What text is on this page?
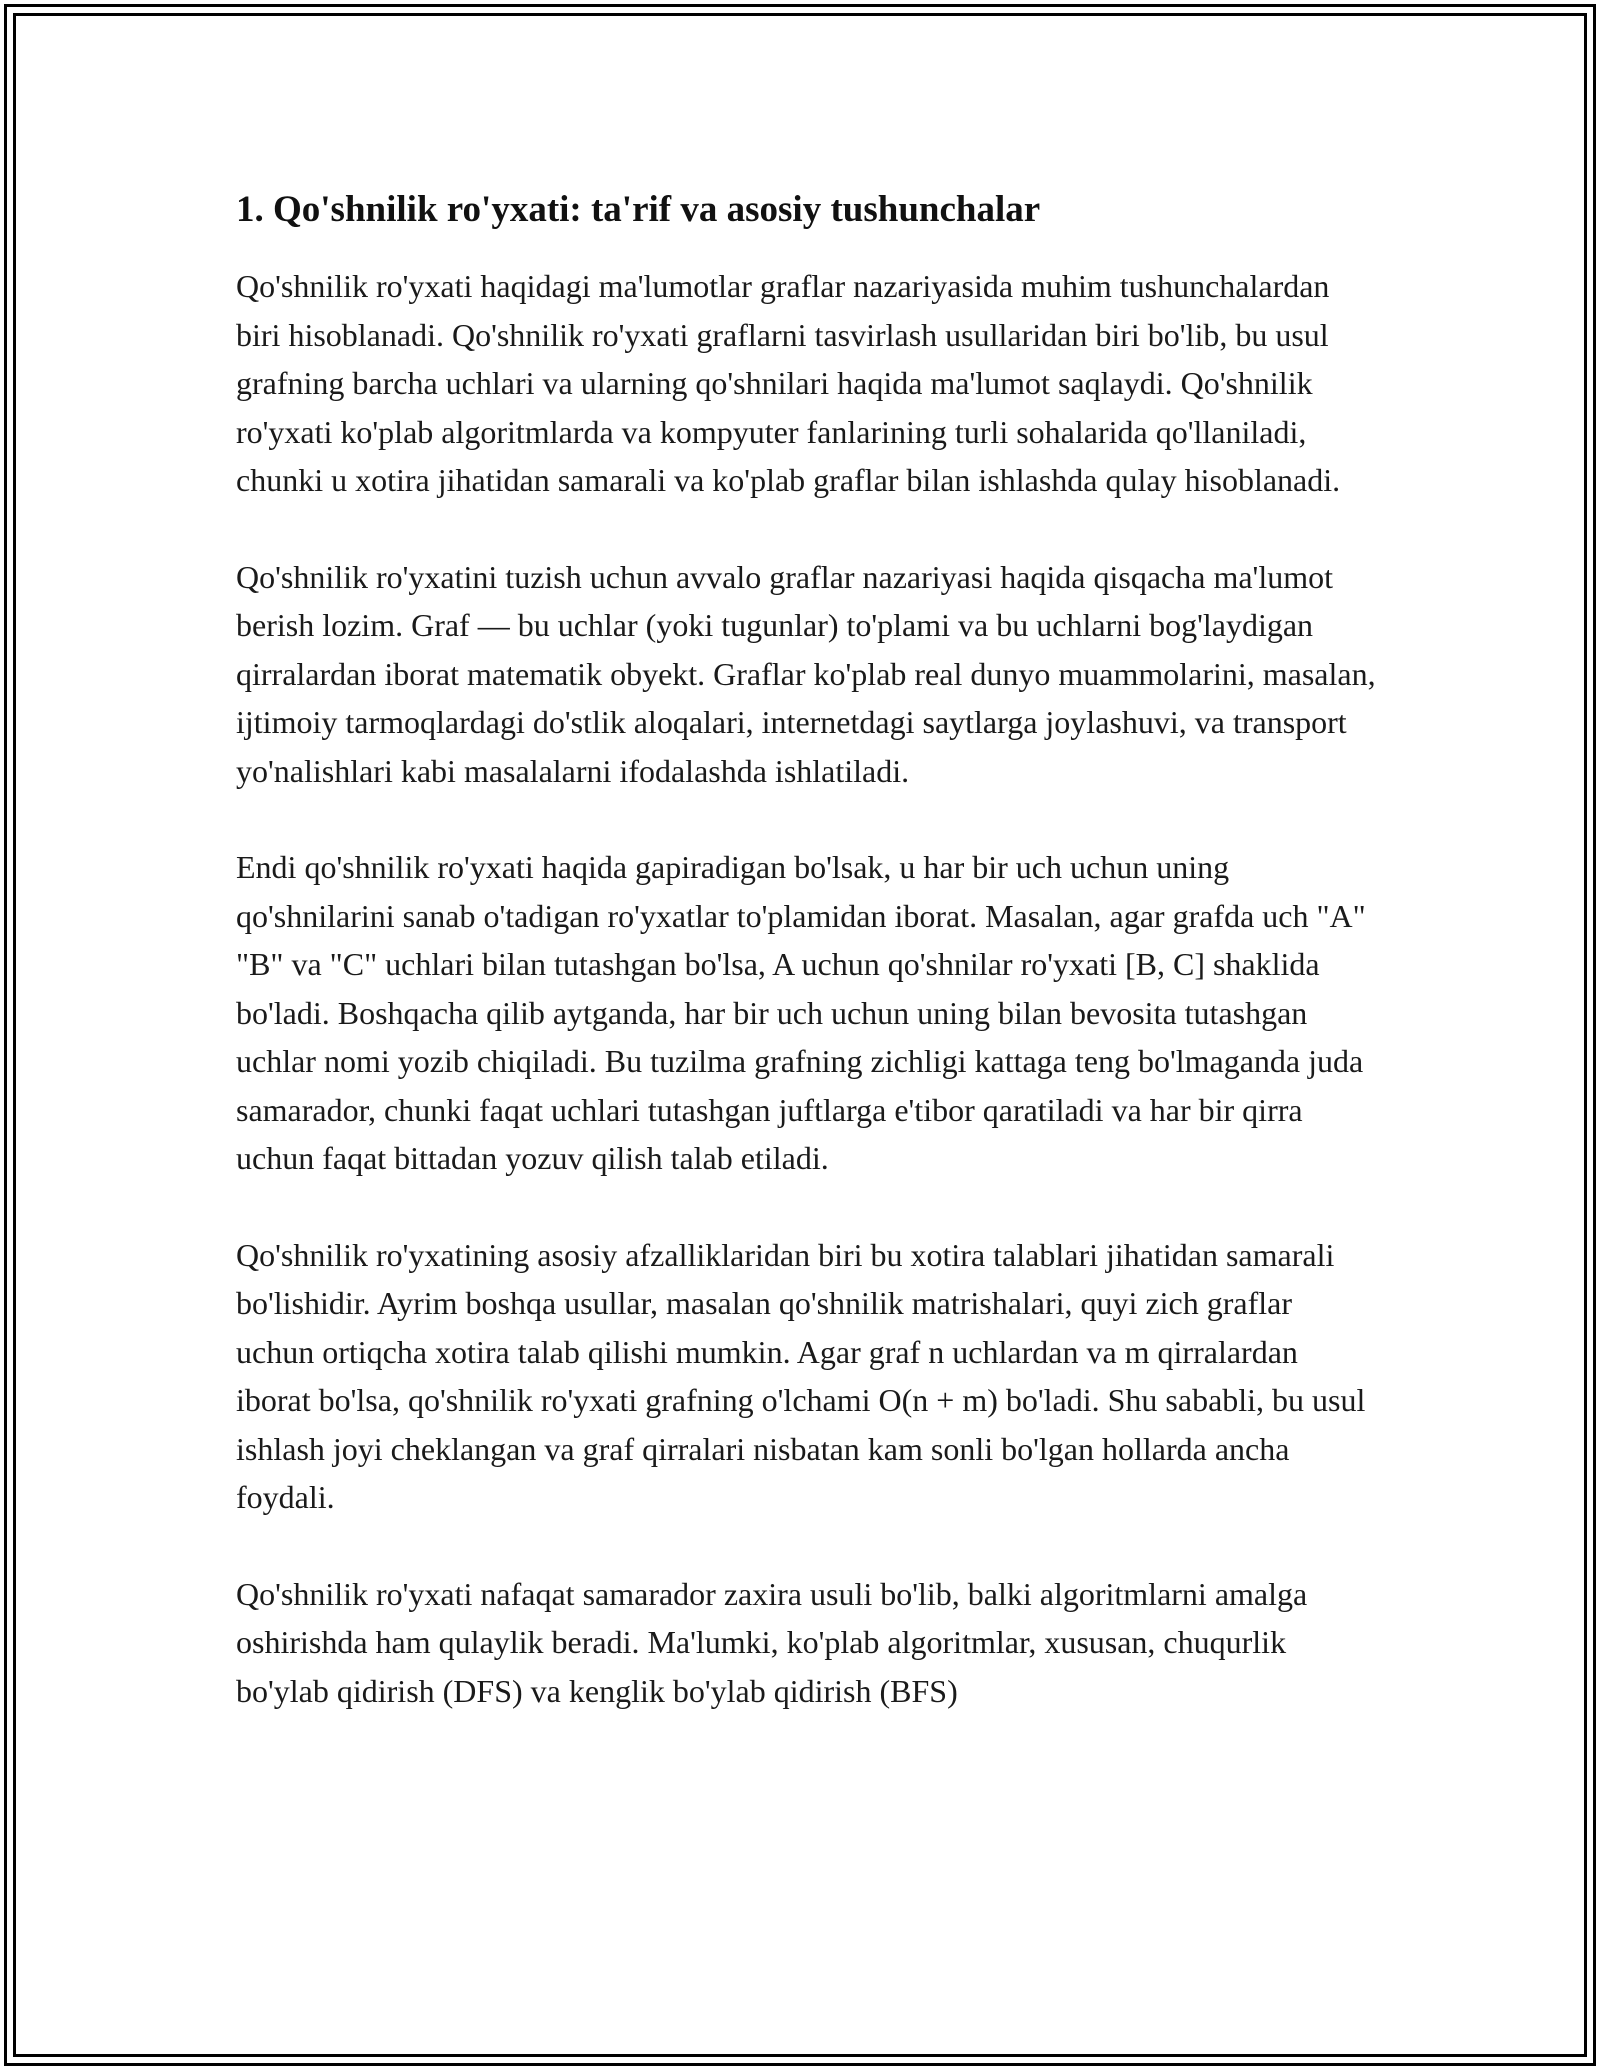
1. Qo'shnilik ro'yxati: ta'rif va asosiy tushunchalar

Qo'shnilik ro'yxati haqidagi ma'lumotlar graflar nazariyasida muhim tushunchalardan biri hisoblanadi. Qo'shnilik ro'yxati graflarni tasvirlash usullaridan biri bo'lib, bu usul grafning barcha uchlari va ularning qo'shnilari haqida ma'lumot saqlaydi. Qo'shnilik ro'yxati ko'plab algoritmlarda va kompyuter fanlarining turli sohalarida qo'llaniladi, chunki u xotira jihatidan samarali va ko'plab graflar bilan ishlashda qulay hisoblanadi.

Qo'shnilik ro'yxatini tuzish uchun avvalo graflar nazariyasi haqida qisqacha ma'lumot berish lozim. Graf — bu uchlar (yoki tugunlar) to'plami va bu uchlarni bog'laydigan qirralardan iborat matematik obyekt. Graflar ko'plab real dunyo muammolarini, masalan, ijtimoiy tarmoqlardagi do'stlik aloqalari, internetdagi saytlarga joylashuvi, va transport yo'nalishlari kabi masalalarni ifodalashda ishlatiladi.

Endi qo'shnilik ro'yxati haqida gapiradigan bo'lsak, u har bir uch uchun uning qo'shnilarini sanab o'tadigan ro'yxatlar to'plamidan iborat. Masalan, agar grafda uch "A" "B" va "C" uchlari bilan tutashgan bo'lsa, A uchun qo'shnilar ro'yxati [B, C] shaklida bo'ladi. Boshqacha qilib aytganda, har bir uch uchun uning bilan bevosita tutashgan uchlar nomi yozib chiqiladi. Bu tuzilma grafning zichligi kattaga teng bo'lmaganda juda samarador, chunki faqat uchlari tutashgan juftlarga e'tibor qaratiladi va har bir qirra uchun faqat bittadan yozuv qilish talab etiladi.

Qo'shnilik ro'yxatining asosiy afzalliklaridan biri bu xotira talablari jihatidan samarali bo'lishidir. Ayrim boshqa usullar, masalan qo'shnilik matrishalari, quyi zich graflar uchun ortiqcha xotira talab qilishi mumkin. Agar graf n uchlardan va m qirralardan iborat bo'lsa, qo'shnilik ro'yxati grafning o'lchami O(n + m) bo'ladi. Shu sababli, bu usul ishlash joyi cheklangan va graf qirralari nisbatan kam sonli bo'lgan hollarda ancha foydali.

Qo'shnilik ro'yxati nafaqat samarador zaxira usuli bo'lib, balki algoritmlarni amalga oshirishda ham qulaylik beradi. Ma'lumki, ko'plab algoritmlar, xususan, chuqurlik bo'ylab qidirish (DFS) va kenglik bo'ylab qidirish (BFS)
